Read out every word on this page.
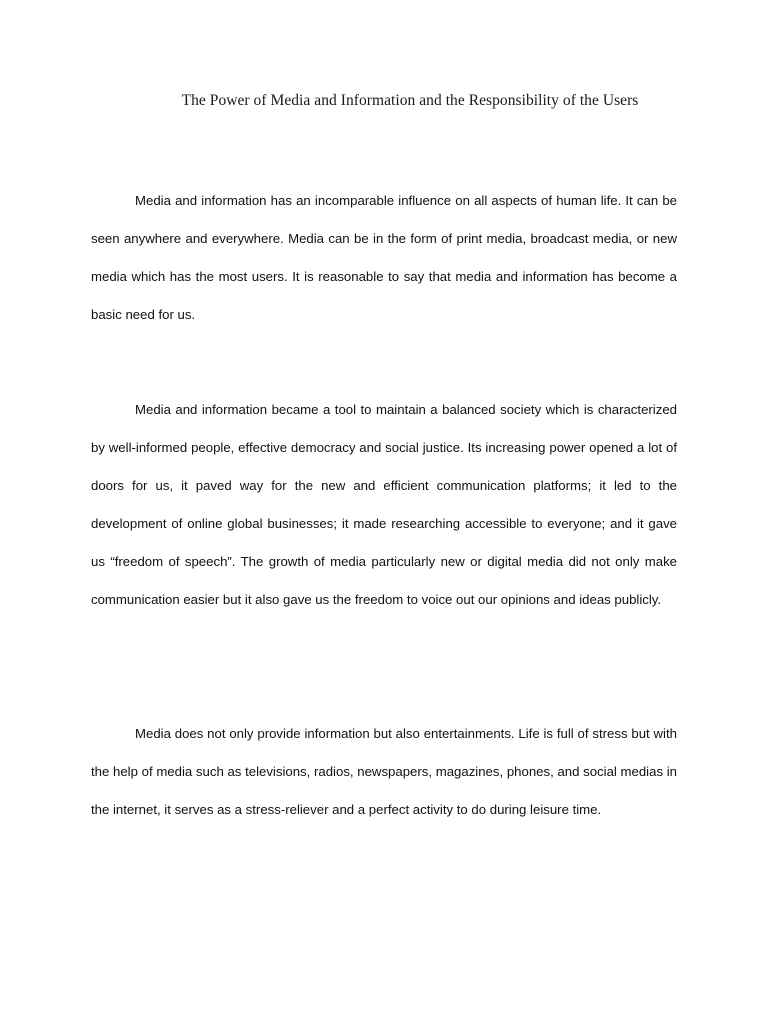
The Power of Media and Information and the Responsibility of the Users

Media and information has an incomparable influence on all aspects of human life. It can be seen anywhere and everywhere. Media can be in the form of print media, broadcast media, or new media which has the most users. It is reasonable to say that media and information has become a basic need for us.

Media and information became a tool to maintain a balanced society which is characterized by well-informed people, effective democracy and social justice. Its increasing power opened a lot of doors for us, it paved way for the new and efficient communication platforms; it led to the development of online global businesses; it made researching accessible to everyone; and it gave us “freedom of speech”. The growth of media particularly new or digital media did not only make communication easier but it also gave us the freedom to voice out our opinions and ideas publicly.

Media does not only provide information but also entertainments. Life is full of stress but with the help of media such as televisions, radios, newspapers, magazines, phones, and social medias in the internet, it serves as a stress-reliever and a perfect activity to do during leisure time.
